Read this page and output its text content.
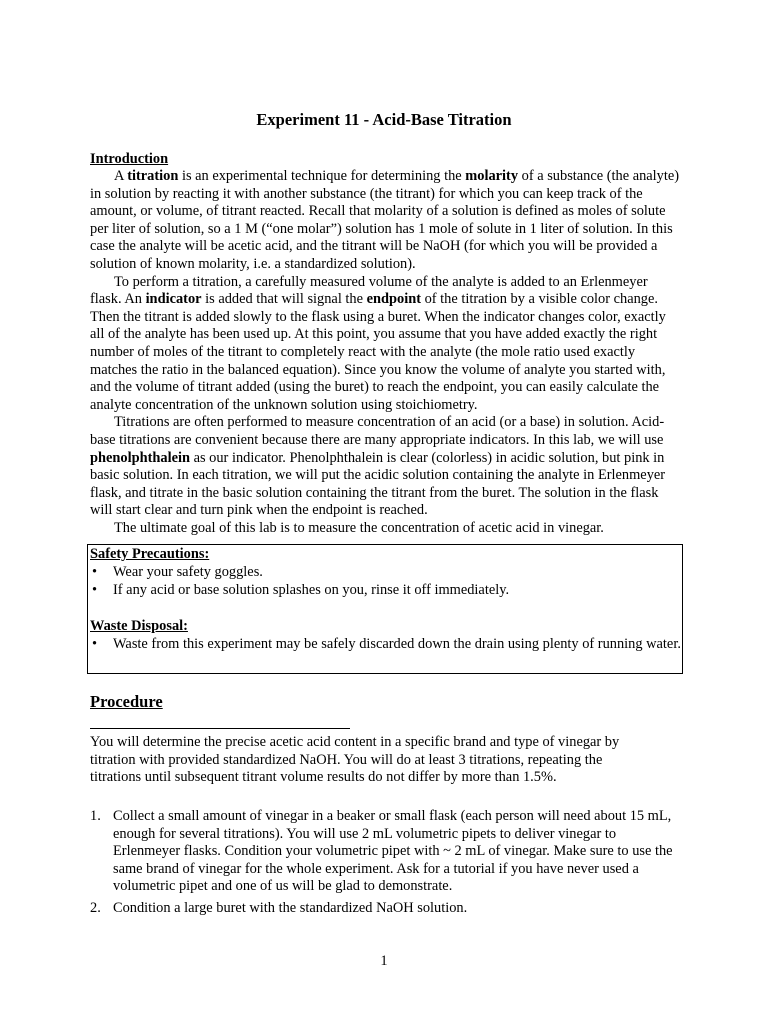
Experiment 11 - Acid-Base Titration
Introduction

A titration is an experimental technique for determining the molarity of a substance (the analyte) in solution by reacting it with another substance (the titrant) for which you can keep track of the amount, or volume, of titrant reacted. Recall that molarity of a solution is defined as moles of solute per liter of solution, so a 1 M (“one molar”) solution has 1 mole of solute in 1 liter of solution. In this case the analyte will be acetic acid, and the titrant will be NaOH (for which you will be provided a solution of known molarity, i.e. a standardized solution).

To perform a titration, a carefully measured volume of the analyte is added to an Erlenmeyer flask. An indicator is added that will signal the endpoint of the titration by a visible color change. Then the titrant is added slowly to the flask using a buret. When the indicator changes color, exactly all of the analyte has been used up. At this point, you assume that you have added exactly the right number of moles of the titrant to completely react with the analyte (the mole ratio used exactly matches the ratio in the balanced equation). Since you know the volume of analyte you started with, and the volume of titrant added (using the buret) to reach the endpoint, you can easily calculate the analyte concentration of the unknown solution using stoichiometry.

Titrations are often performed to measure concentration of an acid (or a base) in solution. Acid-base titrations are convenient because there are many appropriate indicators. In this lab, we will use phenolphthalein as our indicator. Phenolphthalein is clear (colorless) in acidic solution, but pink in basic solution. In each titration, we will put the acidic solution containing the analyte in Erlenmeyer flask, and titrate in the basic solution containing the titrant from the buret. The solution in the flask will start clear and turn pink when the endpoint is reached.

The ultimate goal of this lab is to measure the concentration of acetic acid in vinegar.

Safety Precautions:
• Wear your safety goggles.
• If any acid or base solution splashes on you, rinse it off immediately.
Waste Disposal:
• Waste from this experiment may be safely discarded down the drain using plenty of running water.
Procedure

You will determine the precise acetic acid content in a specific brand and type of vinegar by titration with provided standardized NaOH. You will do at least 3 titrations, repeating the titrations until subsequent titrant volume results do not differ by more than 1.5%.

1. Collect a small amount of vinegar in a beaker or small flask (each person will need about 15 mL, enough for several titrations). You will use 2 mL volumetric pipets to deliver vinegar to Erlenmeyer flasks. Condition your volumetric pipet with ~ 2 mL of vinegar. Make sure to use the same brand of vinegar for the whole experiment. Ask for a tutorial if you have never used a volumetric pipet and one of us will be glad to demonstrate.
2. Condition a large buret with the standardized NaOH solution.
1
